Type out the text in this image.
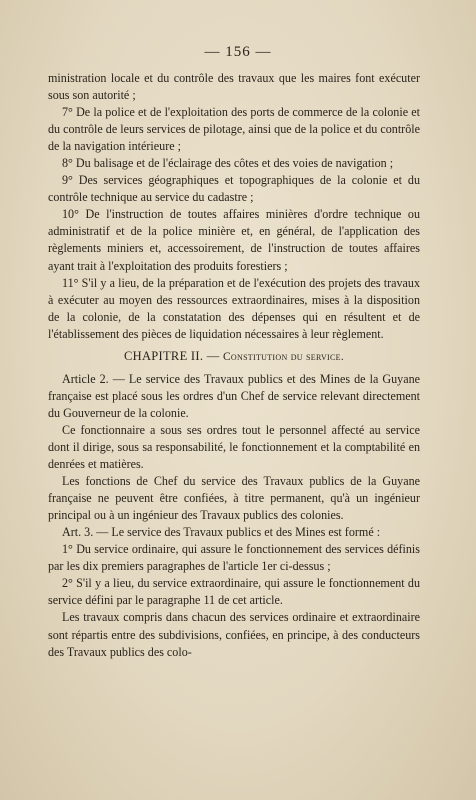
— 156 —

ministration locale et du contrôle des travaux que les maires font exécuter sous son autorité ;

7° De la police et de l'exploitation des ports de commerce de la colonie et du contrôle de leurs services de pilotage, ainsi que de la police et du contrôle de la navigation intérieure ;

8° Du balisage et de l'éclairage des côtes et des voies de navigation ;

9° Des services géographiques et topographiques de la colonie et du contrôle technique au service du cadastre ;

10° De l'instruction de toutes affaires minières d'ordre technique ou administratif et de la police minière et, en général, de l'application des règlements miniers et, accessoirement, de l'instruction de toutes affaires ayant trait à l'exploitation des produits forestiers ;

11° S'il y a lieu, de la préparation et de l'exécution des projets des travaux à exécuter au moyen des ressources extraordinaires, mises à la disposition de la colonie, de la constatation des dépenses qui en résultent et de l'établissement des pièces de liquidation nécessaires à leur règlement.

CHAPITRE II. — Constitution du service.

Article 2. — Le service des Travaux publics et des Mines de la Guyane française est placé sous les ordres d'un Chef de service relevant directement du Gouverneur de la colonie.

Ce fonctionnaire a sous ses ordres tout le personnel affecté au service dont il dirige, sous sa responsabilité, le fonctionnement et la comptabilité en denrées et matières.

Les fonctions de Chef du service des Travaux publics de la Guyane française ne peuvent être confiées, à titre permanent, qu'à un ingénieur principal ou à un ingénieur des Travaux publics des colonies.

Art. 3. — Le service des Travaux publics et des Mines est formé :

1° Du service ordinaire, qui assure le fonctionnement des services définis par les dix premiers paragraphes de l'article 1er ci-dessus ;

2° S'il y a lieu, du service extraordinaire, qui assure le fonctionnement du service défini par le paragraphe 11 de cet article.

Les travaux compris dans chacun des services ordinaire et extraordinaire sont répartis entre des subdivisions, confiées, en principe, à des conducteurs des Travaux publics des colo-
